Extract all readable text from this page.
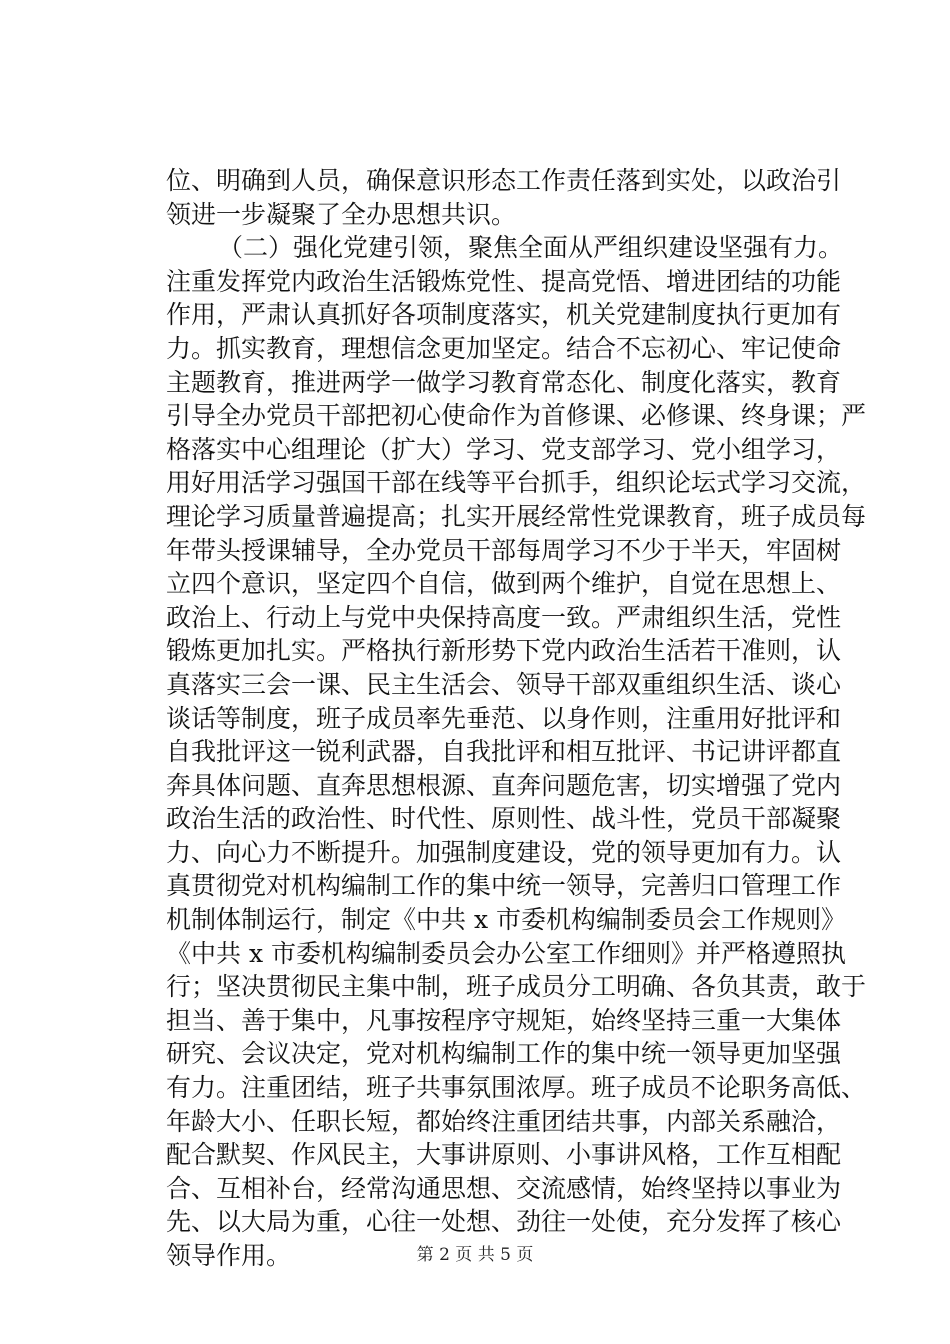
位、明确到人员，确保意识形态工作责任落到实处，以政治引
领进一步凝聚了全办思想共识。
（二）强化党建引领，聚焦全面从严组织建设坚强有力。
注重发挥党内政治生活锻炼党性、提高党悟、增进团结的功能
作用，严肃认真抓好各项制度落实，机关党建制度执行更加有
力。抓实教育，理想信念更加坚定。结合不忘初心、牢记使命
主题教育，推进两学一做学习教育常态化、制度化落实，教育
引导全办党员干部把初心使命作为首修课、必修课、终身课；严
格落实中心组理论（扩大）学习、党支部学习、党小组学习，
用好用活学习强国干部在线等平台抓手，组织论坛式学习交流，
理论学习质量普遍提高；扎实开展经常性党课教育，班子成员每
年带头授课辅导，全办党员干部每周学习不少于半天，牢固树
立四个意识，坚定四个自信，做到两个维护，自觉在思想上、
政治上、行动上与党中央保持高度一致。严肃组织生活，党性
锻炼更加扎实。严格执行新形势下党内政治生活若干准则，认
真落实三会一课、民主生活会、领导干部双重组织生活、谈心
谈话等制度，班子成员率先垂范、以身作则，注重用好批评和
自我批评这一锐利武器，自我批评和相互批评、书记讲评都直
奔具体问题、直奔思想根源、直奔问题危害，切实增强了党内
政治生活的政治性、时代性、原则性、战斗性，党员干部凝聚
力、向心力不断提升。加强制度建设，党的领导更加有力。认
真贯彻党对机构编制工作的集中统一领导，完善归口管理工作
机制体制运行，制定《中共 x 市委机构编制委员会工作规则》
《中共 x 市委机构编制委员会办公室工作细则》并严格遵照执
行；坚决贯彻民主集中制，班子成员分工明确、各负其责，敢于
担当、善于集中，凡事按程序守规矩，始终坚持三重一大集体
研究、会议决定，党对机构编制工作的集中统一领导更加坚强
有力。注重团结，班子共事氛围浓厚。班子成员不论职务高低、
年龄大小、任职长短，都始终注重团结共事，内部关系融洽，
配合默契、作风民主，大事讲原则、小事讲风格，工作互相配
合、互相补台，经常沟通思想、交流感情，始终坚持以事业为
先、以大局为重，心往一处想、劲往一处使，充分发挥了核心
领导作用。	第 2 页 共 5 页
